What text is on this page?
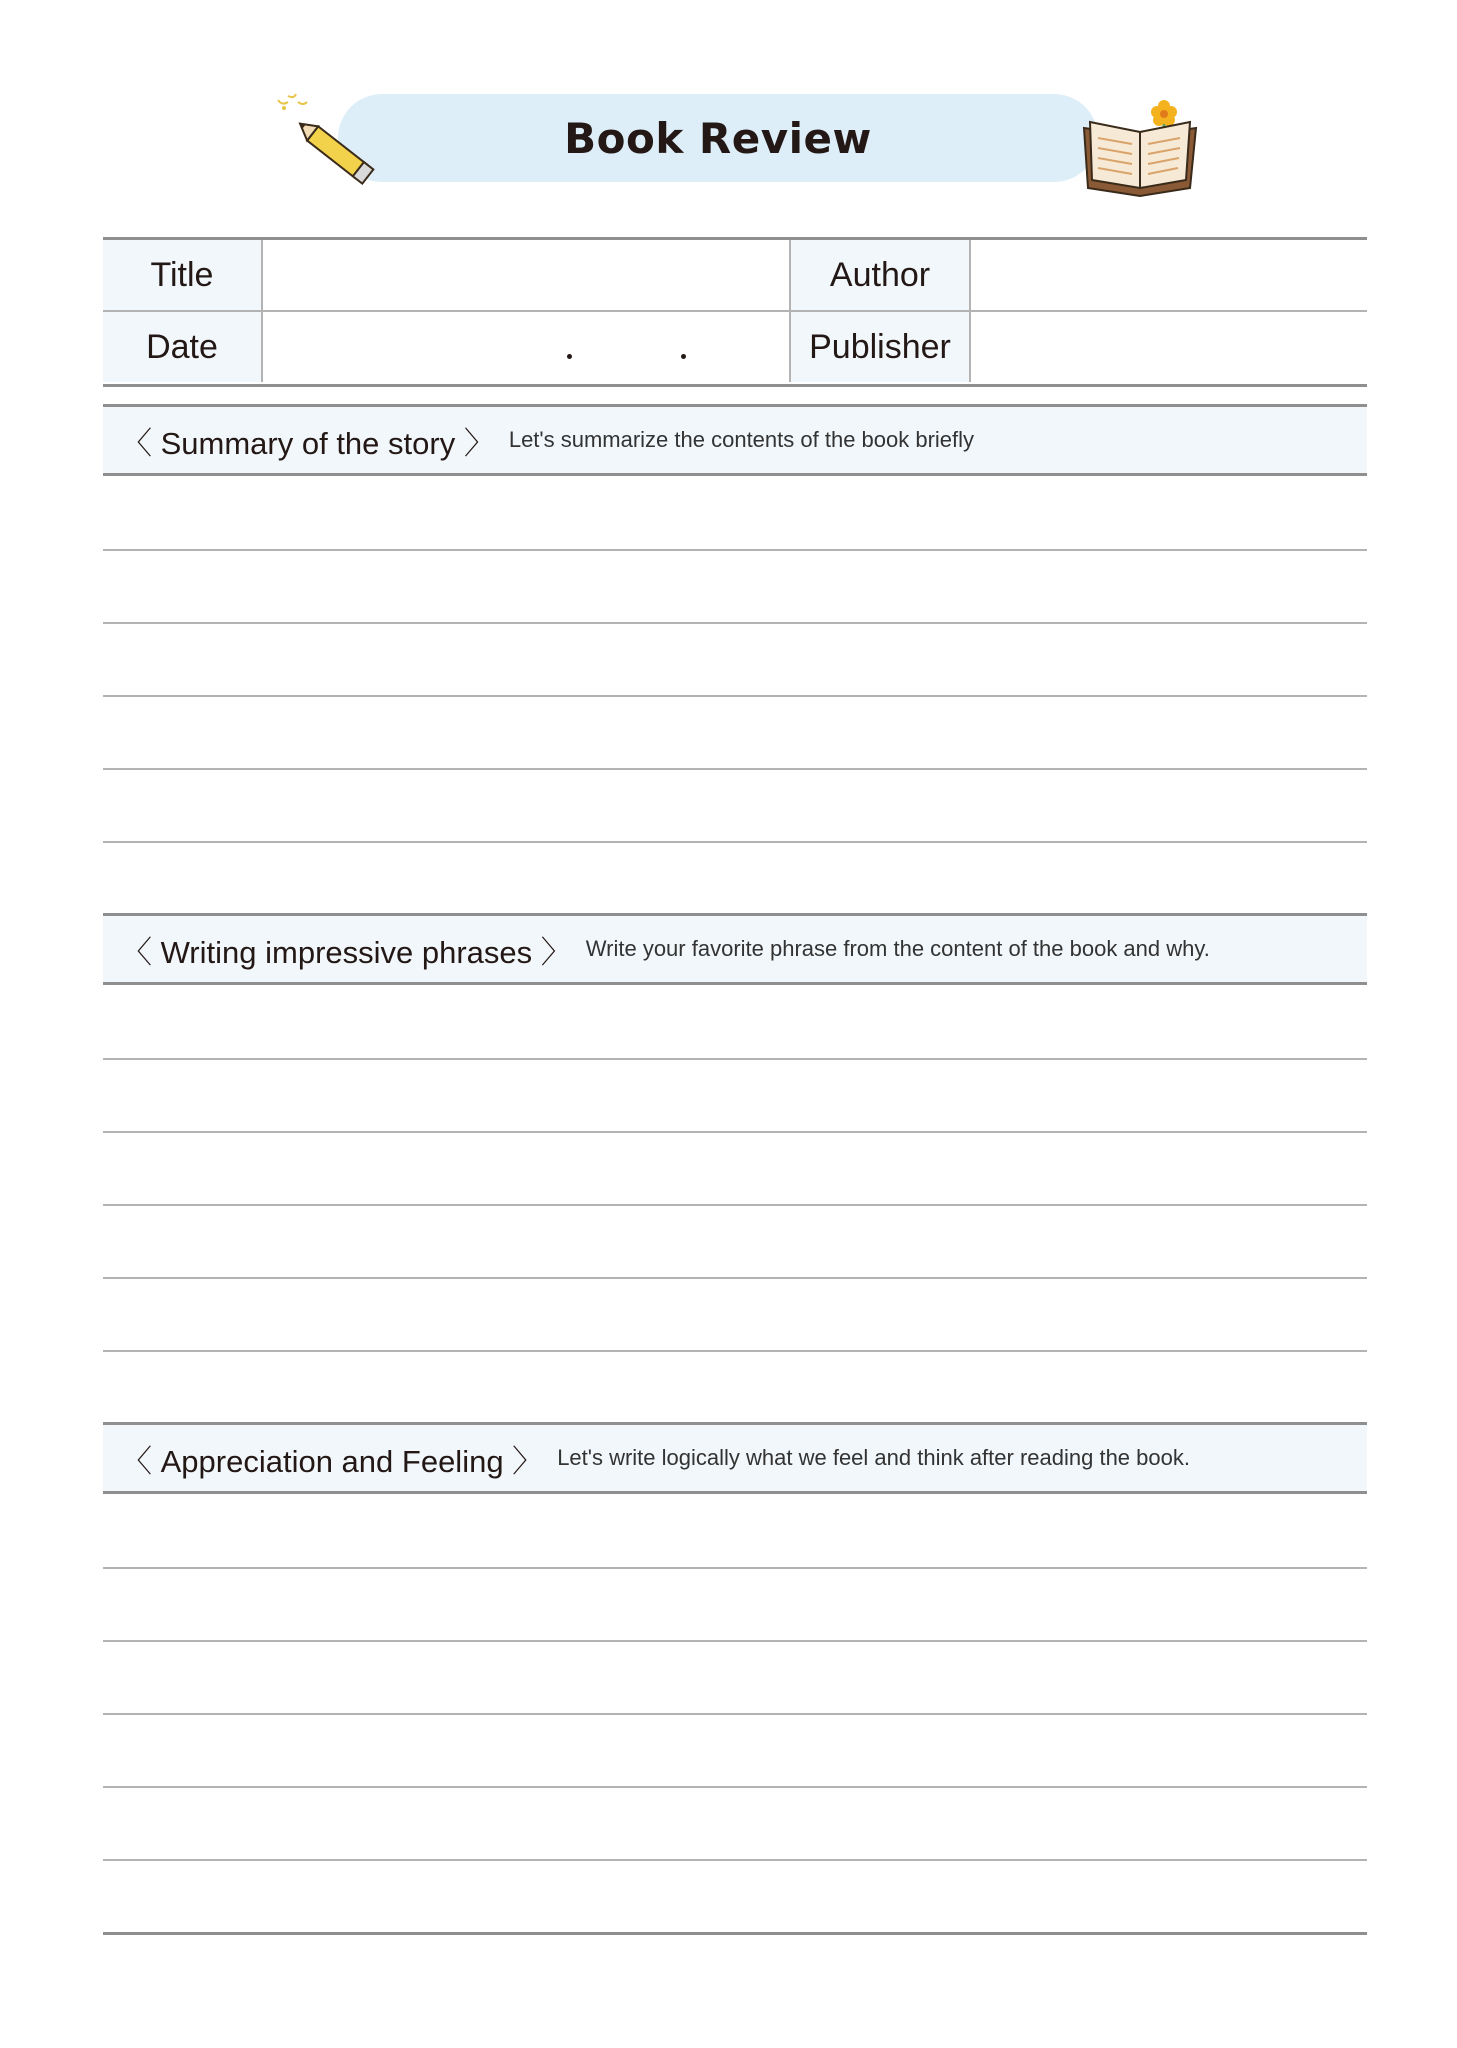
Book Review
Title	Author
Date	Publisher
〈 Summary of the story 〉 Let's summarize the contents of the book briefly
〈 Writing impressive phrases 〉 Write your favorite phrase from the content of the book and why.
〈 Appreciation and Feeling 〉 Let's write logically what we feel and think after reading the book.
